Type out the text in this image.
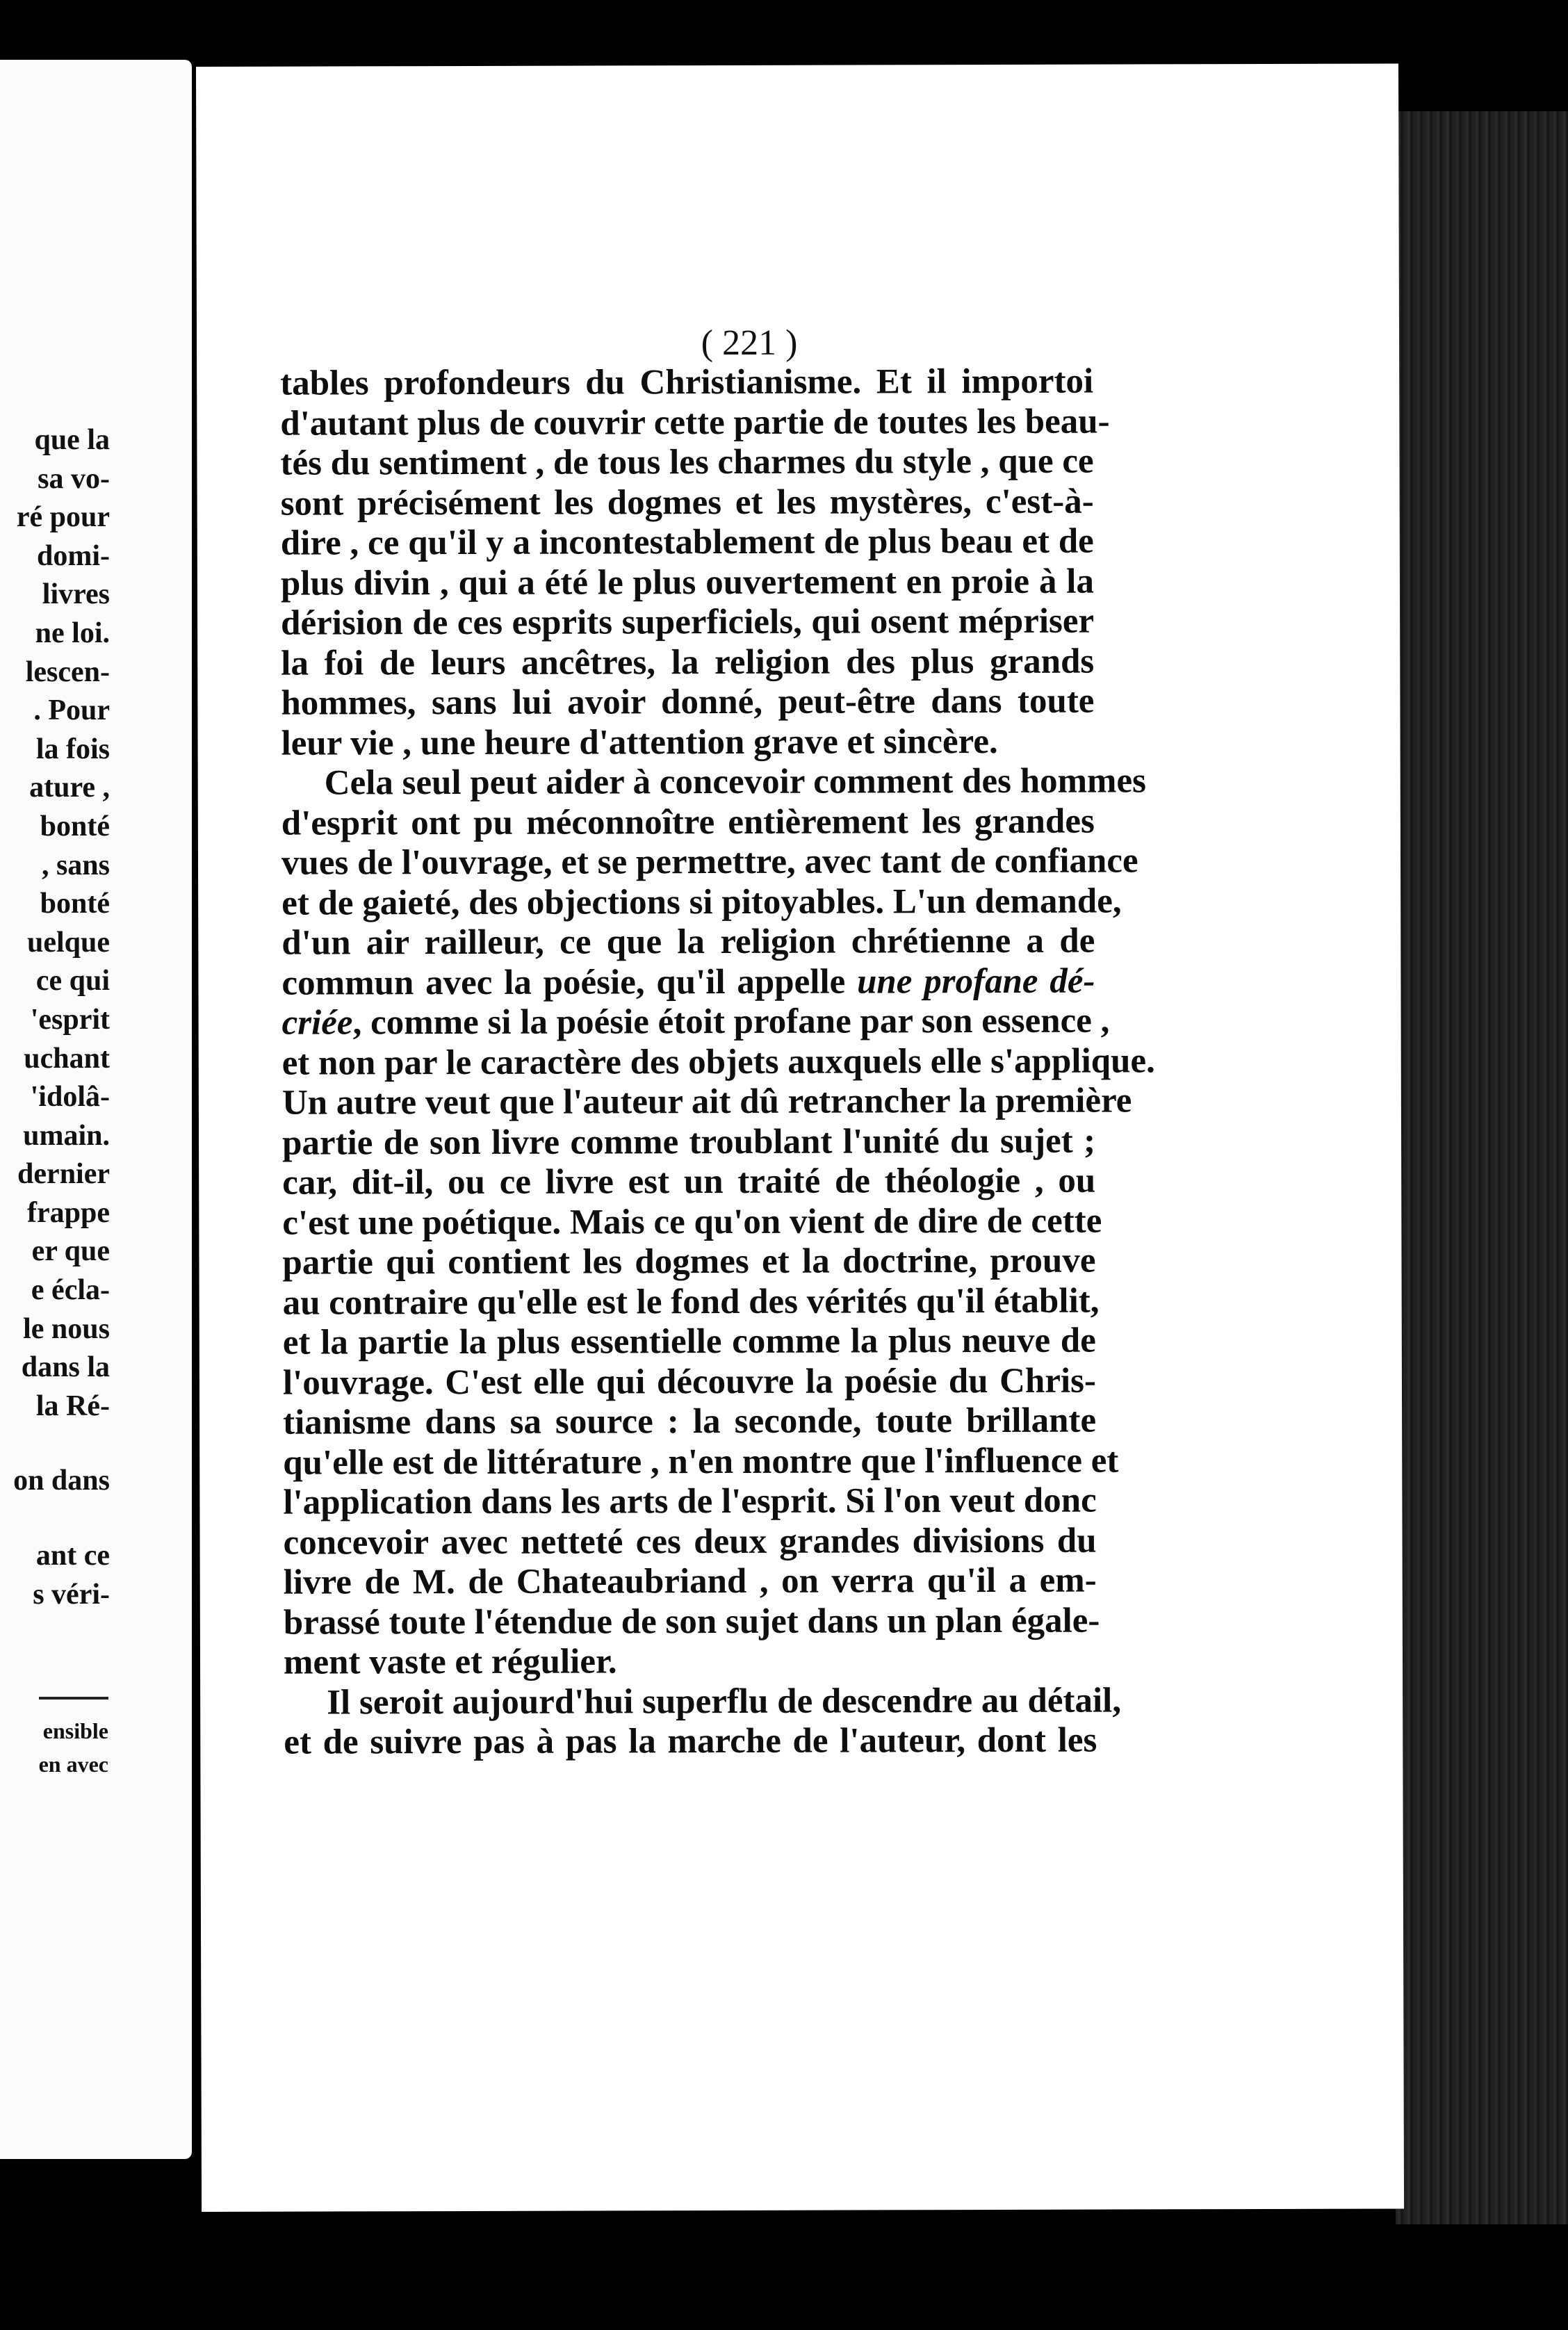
que la
sa vo-
ré pour
domi-
livres
ne loi.
lescen-
. Pour
la fois
ature ,
bonté
, sans
bonté
uelque
ce qui
'esprit
uchant
'idolâ-
umain.
dernier
frappe
er que
e écla-
le nous
dans la
la Ré-
on dans
ant ce
s véri-
ensible
en avec
( 221 )
tables profondeurs du Christianisme. Et il importoi
d'autant plus de couvrir cette partie de toutes les beau-
tés du sentiment , de tous les charmes du style , que ce
sont précisément les dogmes et les mystères, c'est-à-
dire , ce qu'il y a incontestablement de plus beau et de
plus divin , qui a été le plus ouvertement en proie à la
dérision de ces esprits superficiels, qui osent mépriser
la foi de leurs ancêtres, la religion des plus grands
hommes, sans lui avoir donné, peut-être dans toute
leur vie , une heure d'attention grave et sincère.
Cela seul peut aider à concevoir comment des hommes
d'esprit ont pu méconnoître entièrement les grandes
vues de l'ouvrage, et se permettre, avec tant de confiance
et de gaieté, des objections si pitoyables. L'un demande,
d'un air railleur, ce que la religion chrétienne a de
commun avec la poésie, qu'il appelle une profane dé-
criée, comme si la poésie étoit profane par son essence ,
et non par le caractère des objets auxquels elle s'applique.
Un autre veut que l'auteur ait dû retrancher la première
partie de son livre comme troublant l'unité du sujet ;
car, dit-il, ou ce livre est un traité de théologie , ou
c'est une poétique. Mais ce qu'on vient de dire de cette
partie qui contient les dogmes et la doctrine, prouve
au contraire qu'elle est le fond des vérités qu'il établit,
et la partie la plus essentielle comme la plus neuve de
l'ouvrage. C'est elle qui découvre la poésie du Chris-
tianisme dans sa source : la seconde, toute brillante
qu'elle est de littérature , n'en montre que l'influence et
l'application dans les arts de l'esprit. Si l'on veut donc
concevoir avec netteté ces deux grandes divisions du
livre de M. de Chateaubriand , on verra qu'il a em-
brassé toute l'étendue de son sujet dans un plan égale-
ment vaste et régulier.
Il seroit aujourd'hui superflu de descendre au détail,
et de suivre pas à pas la marche de l'auteur, dont les
